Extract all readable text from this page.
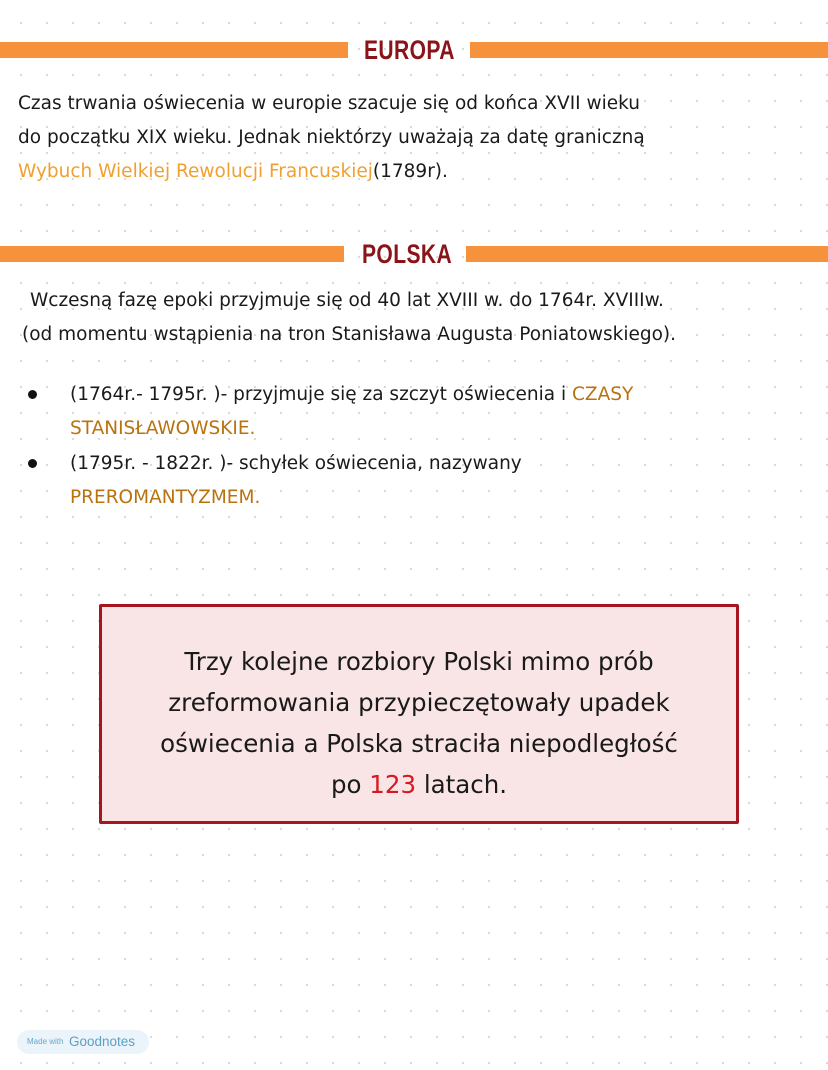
EUROPA
Czas trwania oświecenia w europie szacuje się od końca XVII wieku
do początku XIX wieku. Jednak niektórzy uważają za datę graniczną
Wybuch Wielkiej Rewolucji Francuskiej(1789r).
POLSKA
Wczesną fazę epoki przyjmuje się od 40 lat XVIII w. do 1764r. XVIIIw.
(od momentu wstąpienia na tron Stanisława Augusta Poniatowskiego).
(1764r.- 1795r. )- przyjmuje się za szczyt oświecenia i CZASY
STANISŁAWOWSKIE.
(1795r. - 1822r. )- schyłek oświecenia, nazywany
PREROMANTYZMEM.
Trzy kolejne rozbiory Polski mimo prób
zreformowania przypieczętowały upadek
oświecenia a Polska straciła niepodległość
po 123 latach.
Made with Goodnotes
